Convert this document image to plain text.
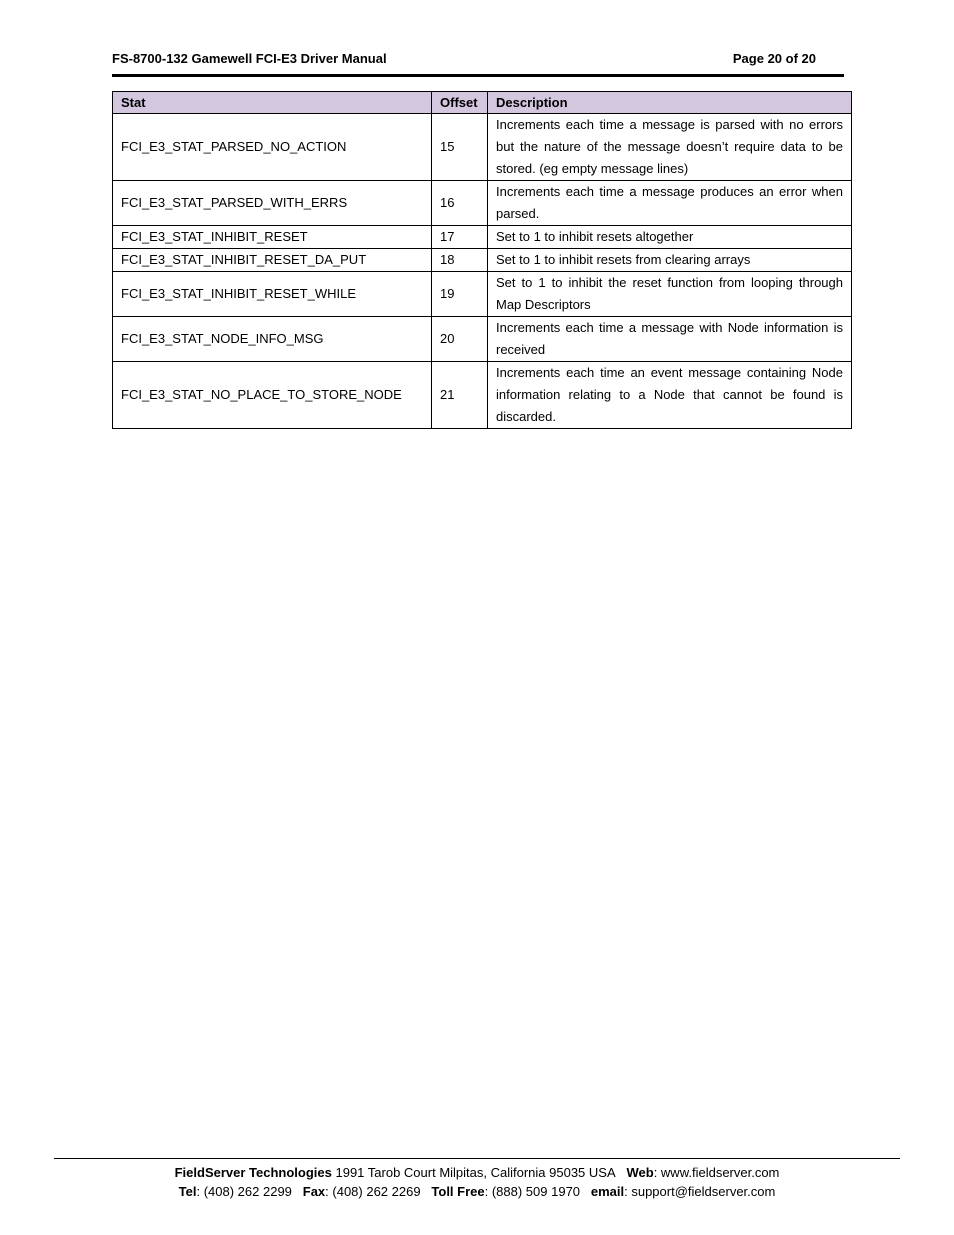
FS-8700-132 Gamewell FCI-E3 Driver Manual	Page 20 of 20
Stat	Offset	Description
FCI_E3_STAT_PARSED_NO_ACTION	15	Increments each time a message is parsed with no errors but the nature of the message doesn’t require data to be stored. (eg empty message lines)
FCI_E3_STAT_PARSED_WITH_ERRS	16	Increments each time a message produces an error when parsed.
FCI_E3_STAT_INHIBIT_RESET	17	Set to 1 to inhibit resets altogether
FCI_E3_STAT_INHIBIT_RESET_DA_PUT	18	Set to 1 to inhibit resets from clearing arrays
FCI_E3_STAT_INHIBIT_RESET_WHILE	19	Set to 1 to inhibit the reset function from looping through Map Descriptors
FCI_E3_STAT_NODE_INFO_MSG	20	Increments each time a message with Node information is received
FCI_E3_STAT_NO_PLACE_TO_STORE_NODE	21	Increments each time an event message containing Node information relating to a Node that cannot be found is discarded.
FieldServer Technologies 1991 Tarob Court Milpitas, California 95035 USA Web: www.fieldserver.com
Tel: (408) 262 2299 Fax: (408) 262 2269 Toll Free: (888) 509 1970 email: support@fieldserver.com
